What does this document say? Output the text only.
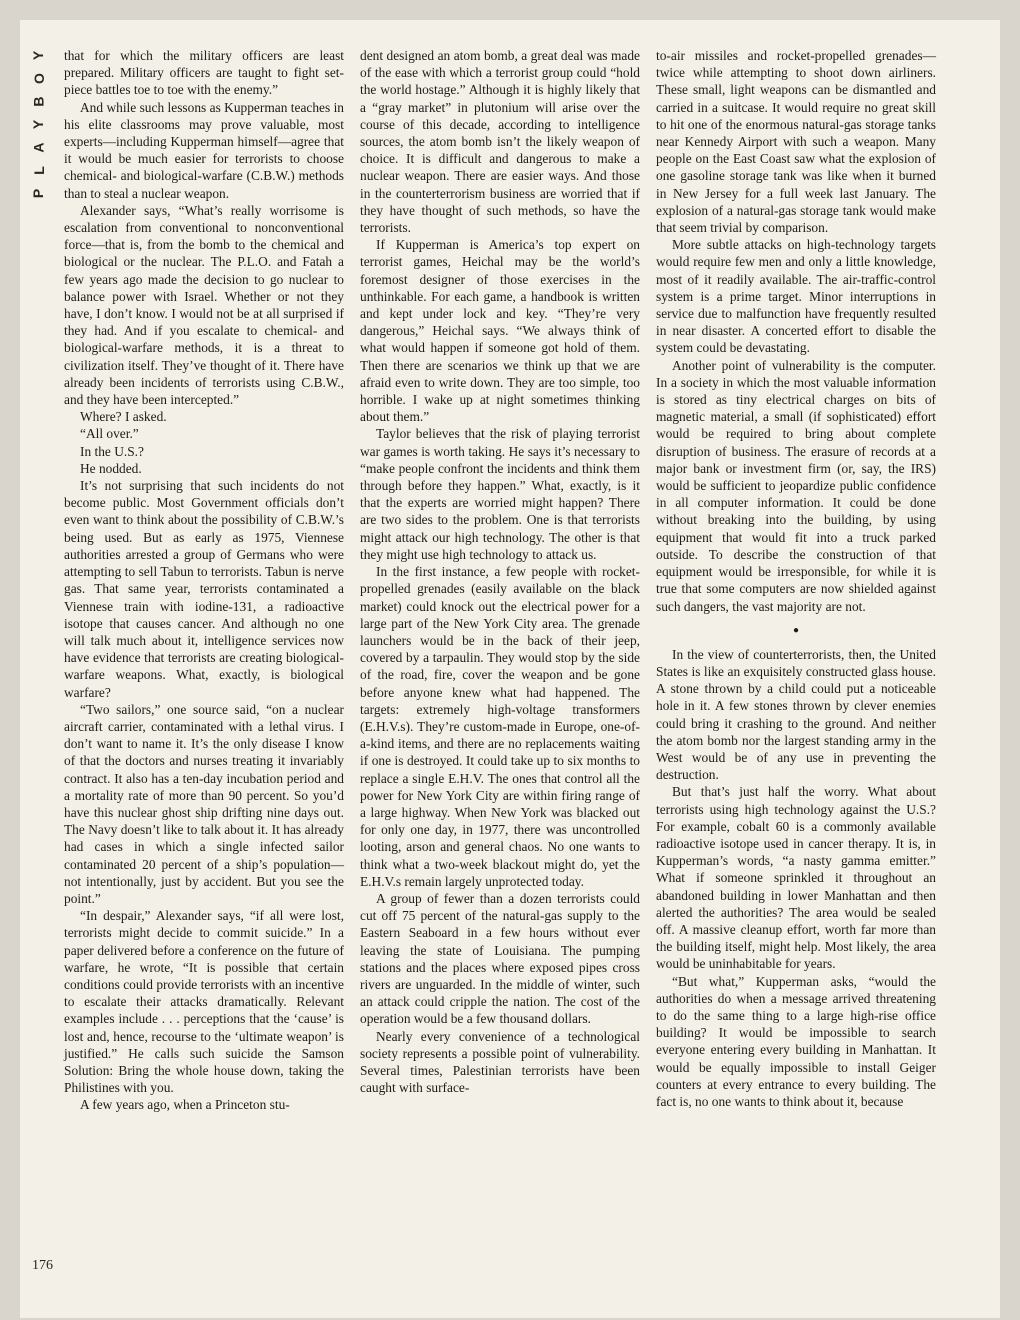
Y
O
B
Y
A
L
P

that for which the military officers are least prepared. Military officers are taught to fight set-piece battles toe to toe with the enemy.”

And while such lessons as Kupperman teaches in his elite classrooms may prove valuable, most experts—including Kupperman himself—agree that it would be much easier for terrorists to choose chemical- and biological-warfare (C.B.W.) methods than to steal a nuclear weapon.

Alexander says, “What’s really worrisome is escalation from conventional to nonconventional force—that is, from the bomb to the chemical and biological or the nuclear. The P.L.O. and Fatah a few years ago made the decision to go nuclear to balance power with Israel. Whether or not they have, I don’t know. I would not be at all surprised if they had. And if you escalate to chemical- and biological-warfare methods, it is a threat to civilization itself. They’ve thought of it. There have already been incidents of terrorists using C.B.W., and they have been intercepted.”

Where? I asked.

“All over.”

In the U.S.?

He nodded.

It’s not surprising that such incidents do not become public. Most Government officials don’t even want to think about the possibility of C.B.W.’s being used. But as early as 1975, Viennese authorities arrested a group of Germans who were attempting to sell Tabun to terrorists. Tabun is nerve gas. That same year, terrorists contaminated a Viennese train with iodine-131, a radioactive isotope that causes cancer. And although no one will talk much about it, intelligence services now have evidence that terrorists are creating biological-warfare weapons. What, exactly, is biological warfare?

“Two sailors,” one source said, “on a nuclear aircraft carrier, contaminated with a lethal virus. I don’t want to name it. It’s the only disease I know of that the doctors and nurses treating it invariably contract. It also has a ten-day incubation period and a mortality rate of more than 90 percent. So you’d have this nuclear ghost ship drifting nine days out. The Navy doesn’t like to talk about it. It has already had cases in which a single infected sailor contaminated 20 percent of a ship’s population—not intentionally, just by accident. But you see the point.”

“In despair,” Alexander says, “if all were lost, terrorists might decide to commit suicide.” In a paper delivered before a conference on the future of warfare, he wrote, “It is possible that certain conditions could provide terrorists with an incentive to escalate their attacks dramatically. Relevant examples include . . . perceptions that the ‘cause’ is lost and, hence, recourse to the ‘ultimate weapon’ is justified.” He calls such suicide the Samson Solution: Bring the whole house down, taking the Philistines with you.

A few years ago, when a Princeton stu-

dent designed an atom bomb, a great deal was made of the ease with which a terrorist group could “hold the world hostage.” Although it is highly likely that a “gray market” in plutonium will arise over the course of this decade, according to intelligence sources, the atom bomb isn’t the likely weapon of choice. It is difficult and dangerous to make a nuclear weapon. There are easier ways. And those in the counterterrorism business are worried that if they have thought of such methods, so have the terrorists.

If Kupperman is America’s top expert on terrorist games, Heichal may be the world’s foremost designer of those exercises in the unthinkable. For each game, a handbook is written and kept under lock and key. “They’re very dangerous,” Heichal says. “We always think of what would happen if someone got hold of them. Then there are scenarios we think up that we are afraid even to write down. They are too simple, too horrible. I wake up at night sometimes thinking about them.”

Taylor believes that the risk of playing terrorist war games is worth taking. He says it’s necessary to “make people confront the incidents and think them through before they happen.” What, exactly, is it that the experts are worried might happen? There are two sides to the problem. One is that terrorists might attack our high technology. The other is that they might use high technology to attack us.

In the first instance, a few people with rocket-propelled grenades (easily available on the black market) could knock out the electrical power for a large part of the New York City area. The grenade launchers would be in the back of their jeep, covered by a tarpaulin. They would stop by the side of the road, fire, cover the weapon and be gone before anyone knew what had happened. The targets: extremely high-voltage transformers (E.H.V.s). They’re custom-made in Europe, one-of-a-kind items, and there are no replacements waiting if one is destroyed. It could take up to six months to replace a single E.H.V. The ones that control all the power for New York City are within firing range of a large highway. When New York was blacked out for only one day, in 1977, there was uncontrolled looting, arson and general chaos. No one wants to think what a two-week blackout might do, yet the E.H.V.s remain largely unprotected today.

A group of fewer than a dozen terrorists could cut off 75 percent of the natural-gas supply to the Eastern Seaboard in a few hours without ever leaving the state of Louisiana. The pumping stations and the places where exposed pipes cross rivers are unguarded. In the middle of winter, such an attack could cripple the nation. The cost of the operation would be a few thousand dollars.

Nearly every convenience of a technological society represents a possible point of vulnerability. Several times, Palestinian terrorists have been caught with surface-

to-air missiles and rocket-propelled grenades—twice while attempting to shoot down airliners. These small, light weapons can be dismantled and carried in a suitcase. It would require no great skill to hit one of the enormous natural-gas storage tanks near Kennedy Airport with such a weapon. Many people on the East Coast saw what the explosion of one gasoline storage tank was like when it burned in New Jersey for a full week last January. The explosion of a natural-gas storage tank would make that seem trivial by comparison.

More subtle attacks on high-technology targets would require few men and only a little knowledge, most of it readily available. The air-traffic-control system is a prime target. Minor interruptions in service due to malfunction have frequently resulted in near disaster. A concerted effort to disable the system could be devastating.

Another point of vulnerability is the computer. In a society in which the most valuable information is stored as tiny electrical charges on bits of magnetic material, a small (if sophisticated) effort would be required to bring about complete disruption of business. The erasure of records at a major bank or investment firm (or, say, the IRS) would be sufficient to jeopardize public confidence in all computer information. It could be done without breaking into the building, by using equipment that would fit into a truck parked outside. To describe the construction of that equipment would be irresponsible, for while it is true that some computers are now shielded against such dangers, the vast majority are not.

●

In the view of counterterrorists, then, the United States is like an exquisitely constructed glass house. A stone thrown by a child could put a noticeable hole in it. A few stones thrown by clever enemies could bring it crashing to the ground. And neither the atom bomb nor the largest standing army in the West would be of any use in preventing the destruction.

But that’s just half the worry. What about terrorists using high technology against the U.S.? For example, cobalt 60 is a commonly available radioactive isotope used in cancer therapy. It is, in Kupperman’s words, “a nasty gamma emitter.” What if someone sprinkled it throughout an abandoned building in lower Manhattan and then alerted the authorities? The area would be sealed off. A massive cleanup effort, worth far more than the building itself, might help. Most likely, the area would be uninhabitable for years.

“But what,” Kupperman asks, “would the authorities do when a message arrived threatening to do the same thing to a large high-rise office building? It would be impossible to search everyone entering every building in Manhattan. It would be equally impossible to install Geiger counters at every entrance to every building. The fact is, no one wants to think about it, because

176
